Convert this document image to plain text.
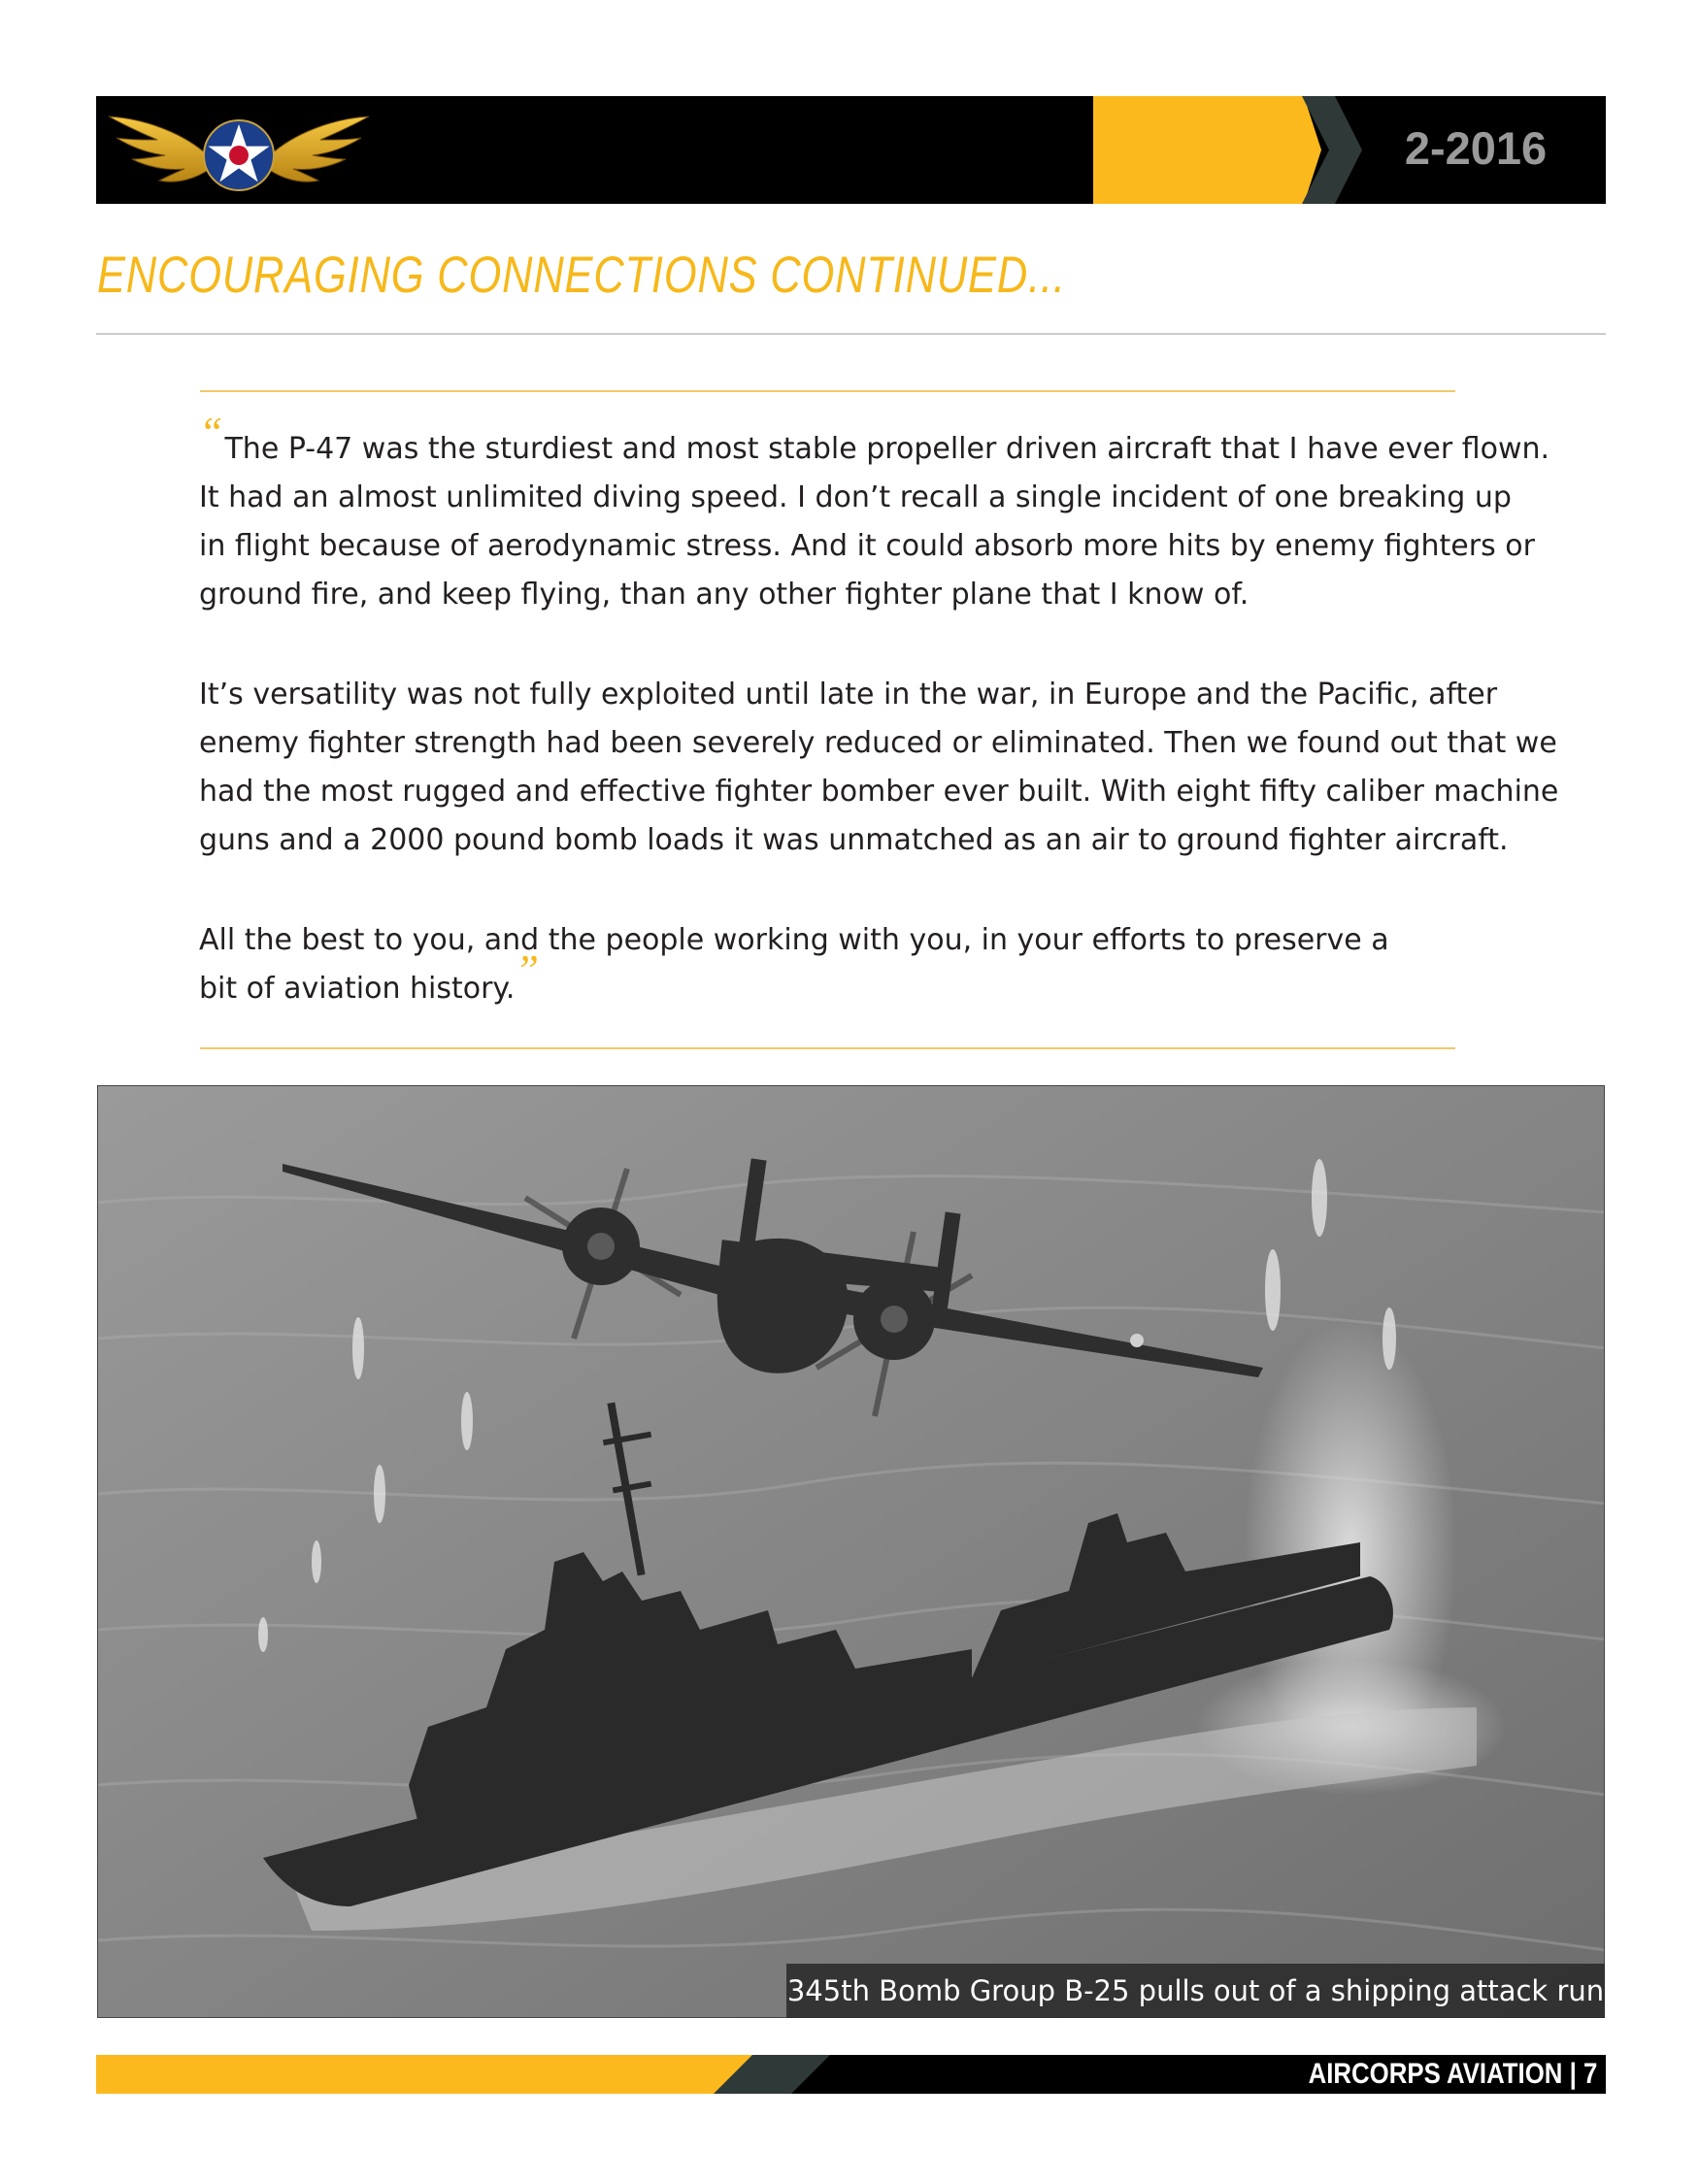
2-2016
ENCOURAGING CONNECTIONS CONTINUED...

“The P-47 was the sturdiest and most stable propeller driven aircraft that I have ever flown.
It had an almost unlimited diving speed. I don’t recall a single incident of one breaking up
in flight because of aerodynamic stress. And it could absorb more hits by enemy fighters or
ground fire, and keep flying, than any other fighter plane that I know of.

It’s versatility was not fully exploited until late in the war, in Europe and the Pacific, after
enemy fighter strength had been severely reduced or eliminated. Then we found out that we
had the most rugged and effective fighter bomber ever built. With eight fifty caliber machine
guns and a 2000 pound bomb loads it was unmatched as an air to ground fighter aircraft.

All the best to you, and the people working with you, in your efforts to preserve a
bit of aviation history.”

345th Bomb Group B-25 pulls out of a shipping attack run
AIRCORPS AVIATION | 7
